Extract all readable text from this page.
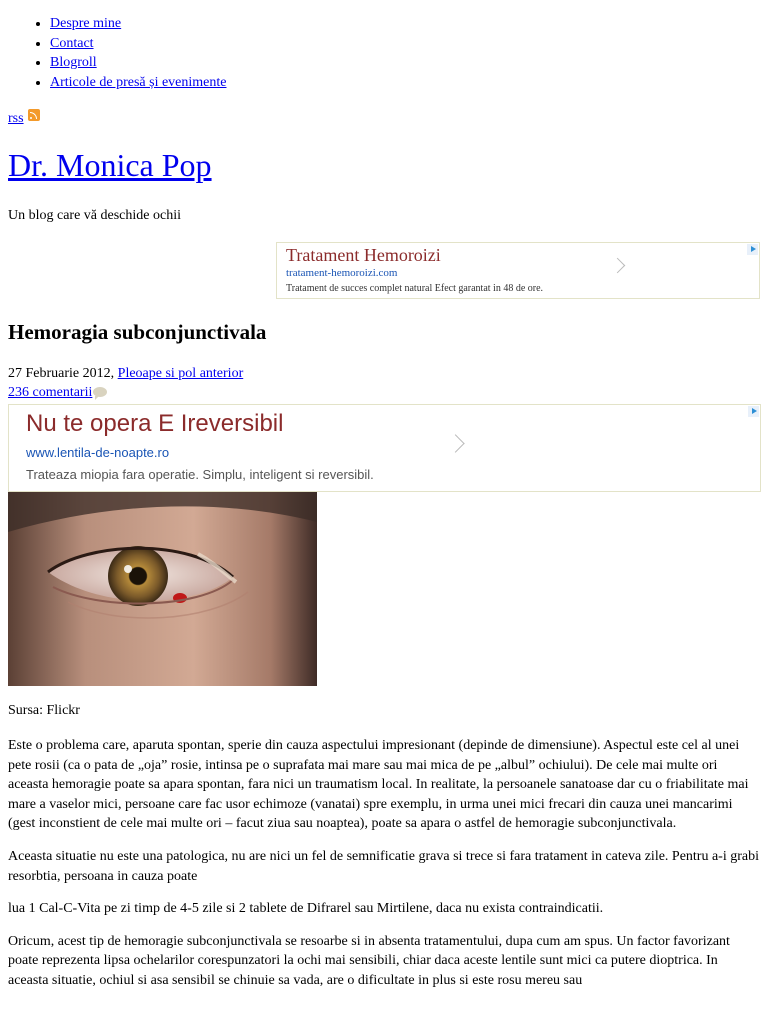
• Despre mine
• Contact
• Blogroll
• Articole de presă și evenimente
rss
Dr. Monica Pop

Un blog care vă deschide ochii

Tratament Hemoroizi
tratament-hemoroizi.com
Tratament de succes complet natural Efect garantat in 48 de ore.
Hemoragia subconjunctivala
27 Februarie 2012, Pleoape si pol anterior
236 comentarii
Nu te opera E Ireversibil
www.lentila-de-noapte.ro
Trateaza miopia fara operatie. Simplu, inteligent si reversibil.
Sursa: Flickr

Este o problema care, aparuta spontan, sperie din cauza aspectului impresionant (depinde de dimensiune). Aspectul este cel al unei pete rosii (ca o pata de „oja” rosie, intinsa pe o suprafata mai mare sau mai mica de pe „albul” ochiului). De cele mai multe ori aceasta hemoragie poate sa apara spontan, fara nici un traumatism local. In realitate, la persoanele sanatoase dar cu o friabilitate mai mare a vaselor mici, persoane care fac usor echimoze (vanatai) spre exemplu, in urma unei mici frecari din cauza unei mancarimi (gest inconstient de cele mai multe ori – facut ziua sau noaptea), poate sa apara o astfel de hemoragie subconjunctivala.

Aceasta situatie nu este una patologica, nu are nici un fel de semnificatie grava si trece si fara tratament in cateva zile. Pentru a-i grabi resorbtia, persoana in cauza poate

lua 1 Cal-C-Vita pe zi timp de 4-5 zile si 2 tablete de Difrarel sau Mirtilene, daca nu exista contraindicatii.

Oricum, acest tip de hemoragie subconjunctivala se resoarbe si in absenta tratamentului, dupa cum am spus. Un factor favorizant poate reprezenta lipsa ochelarilor corespunzatori la ochi mai sensibili, chiar daca aceste lentile sunt mici ca putere dioptrica. In aceasta situatie, ochiul si asa sensibil se chinuie sa vada, are o dificultate in plus si este rosu mereu sau
